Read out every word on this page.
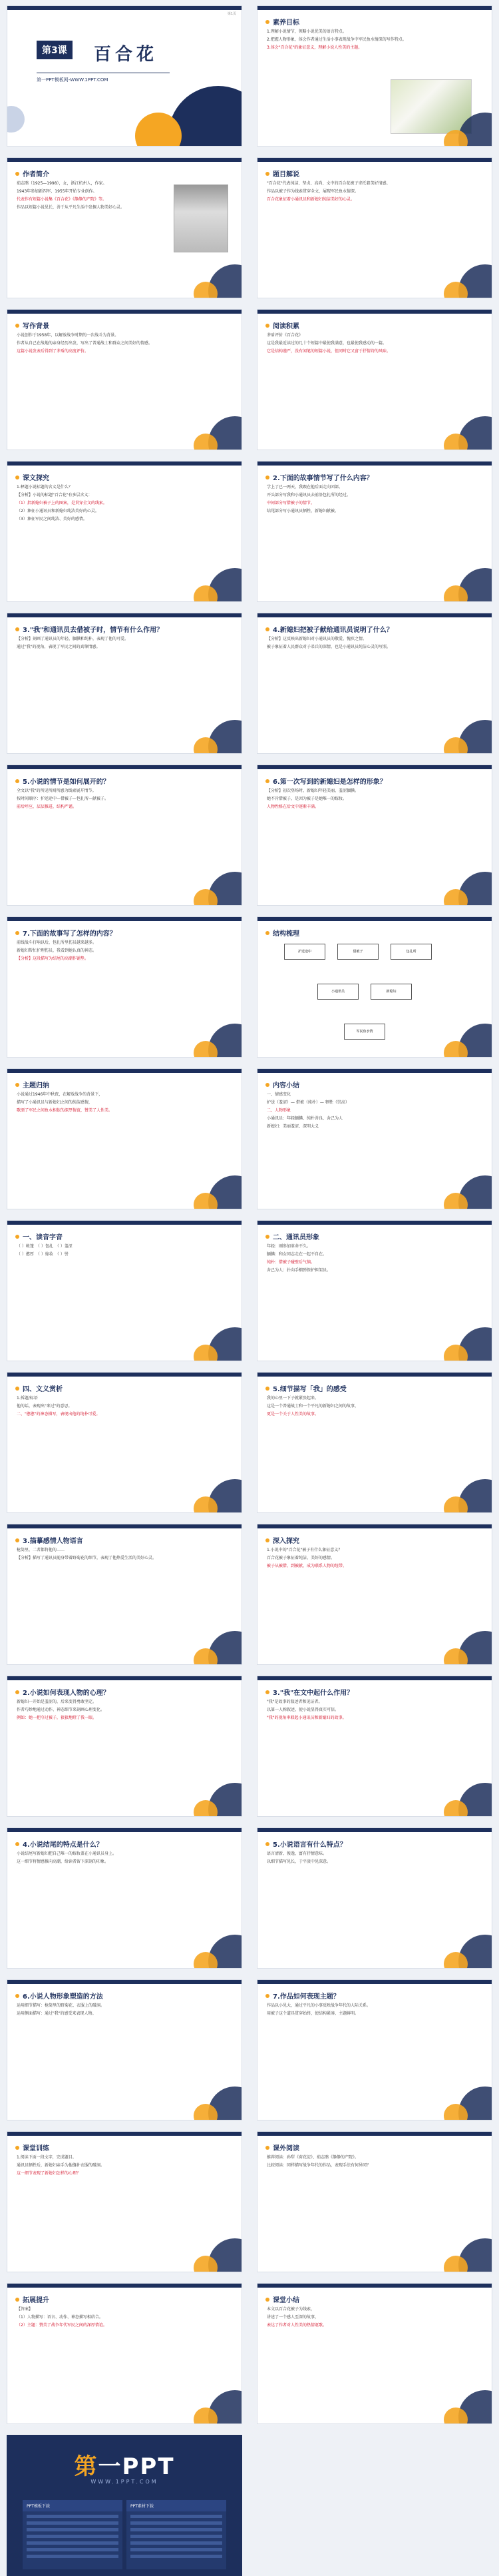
第1页
第3课	百合花
第一PPT模板网-WWW.1PPT.COM
素养目标

1.理解小说情节，领略小说优美的语言特点。

2.把握人物形象，体会作者通过生活小事表现战争中军民鱼水情深的写作特点。

3.体会"百合花"的象征意义，理解小说人性美的主题。

作者简介

茹志鹃（1925—1998），女，浙江杭州人，作家。

1943年参加新四军，1955年开始专业创作。

代表作有短篇小说集《百合花》《静静的产院》等。

作品以短篇小说见长，善于从平凡生活中发掘人物美好心灵。

题目解说

"百合花"代表纯洁、坚贞、高尚、文中的百合花被子寄托着美好情感。

作品以被子作为线索贯穿全文，展现军民鱼水情深。

百合花象征着小通讯员和新媳妇纯洁美好的心灵。

写作背景

小说创作于1958年，以解放战争时期的一次战斗为背景。

作者从自己在战地的亲身经历出发，写出了普通战士和群众之间美好的情感。

这篇小说发表后得到了茅盾的高度评价。

阅读积累

茅盾评价《百合花》

这是我最近读过的几十个短篇中最使我满意，也最使我感动的一篇。

它是结构谨严，没有闲笔的短篇小说，但同时它又富于抒情诗的风味。

课文探究

1.释题小说标题的含义是什么？

【分析】小说的标题"百合花"有多层含义：

（1）指新媳妇被子上的图案，是贯穿全文的线索。

（2）象征小通讯员和新媳妇纯洁美好的心灵。

（3）象征军民之间纯洁、美好的感情。

2.下面的故事情节写了什么内容？

学上了已一两天，我跟在他后面走向团部。

开头部分写我和小通讯员去前沿包扎所的经过。

中间部分写借被子的情节。

结尾部分写小通讯员牺牲，新媳妇献被。

3."我"和通讯员去借被子时，情节有什么作用？

【分析】刻画了通讯员的年轻、腼腆和纯朴，表现了他的可爱。

通过"我"的视角，表现了军民之间的真挚情感。

4.新媳妇把被子献给通讯员说明了什么？

【分析】这反映出新媳妇对小通讯员的敬爱、愧疚之情。

被子象征着人民群众对子弟兵的深情，也是小通讯员纯洁心灵的写照。

5.小说的情节是如何展开的？

全文以"我"的所见所闻所感为线索展开情节。

按时间顺序：护送途中—借被子—包扎所—献被子。

前后呼应，层层推进，结构严谨。

6.第一次写到的新媳妇是怎样的形象？

【分析】初次登场时，新媳妇年轻美丽，羞涩腼腆。

她不肯借被子，是因为被子是她唯一的嫁妆。

人物性格在后文中逐渐丰满。

7.下面的故事写了怎样的内容？

前线战斗打响以后，包扎所里伤员越来越多。

新媳妇帮忙护理伤员，我看到她认真的神态。

【分析】这段描写为结尾的高潮作铺垫。

结构梳理
护送途中	借被子	包扎所
小通讯员	新媳妇
军民鱼水情
主题归纳

小说通过1946年中秋夜，在解放战争的背景下，

描写了小通讯员与新媳妇之间的纯洁感情，

歌颂了军民之间鱼水相依的深厚情谊，赞美了人性美。

内容小结

一、情感变化

护送（羞涩）— 借被（纯朴）— 牺牲（崇高）

二、人物形象

小通讯员：年轻腼腆、纯朴善良、舍己为人

新媳妇：美丽羞涩、深明大义

一、读音字音

（ ）帐篷　（ ）包扎　（ ）羞涩

（ ）憨厚　（ ）嫁妆　（ ）髻

二、通讯员形象

年轻：刚参加革命不久。

腼腆：和女同志走在一起不自在。

纯朴：借被子碰壁后气恼。

舍己为人：扑向手榴弹保护担架员。

四、文义赏析

1.拆题/标语

他的话，表现出"来过"的意思。

二、"憨憨"的神态描写，表现出他的纯朴可爱。

5.细节描写「我」的感受

我的心里一下子就紧张起来。

这是一个普通战士和一个平凡的新媳妇之间的故事，

更是一个关于人性美的故事。

3.描摹感情人物语言

枪筒里，二者都将他的……

【分析】描写了通讯员随身带着野菊花的细节，表现了他热爱生活的美好心灵。

深入探究

1.小说中的"百合花"被子有什么象征意义？

百合花被子象征着纯洁、美好的感情。

被子从被借、到被献，成为联系人物的纽带。

2.小说如何表现人物的心理？

新媳妇一开始是羞涩的，后来变得勇敢坚定。

作者巧妙地通过动作、神态细节来刻画心理变化。

例如：她一把夺过被子，狠狠地瞪了我一眼。

3."我"在文中起什么作用？

"我"是故事的叙述者和见证者。

以第一人称叙述，使小说显得真实可信。

"我"的视角串联起小通讯员和新媳妇的故事。

4.小说结尾的特点是什么？

小说结尾写新媳妇把自己唯一的嫁妆盖在小通讯员身上。

这一细节将情感推向高潮，给读者留下深刻的印象。

5.小说语言有什么特点？

语言清新、俊逸，富有抒情意味。

以细节描写见长，于平淡中见深意。

6.小说人物形象塑造的方法

运用细节描写：枪筒里的野菊花、衣服上的破洞。

运用侧面描写：通过"我"的感受来表现人物。

7.作品如何表现主题？

作品以小见大，通过平凡的小事反映战争年代的人际关系。

用被子这个道具贯穿始终，使结构紧凑、主题鲜明。

课堂训练

1.阅读下面一段文字，完成题目。

通讯员牺牲后，新媳妇亲手为他缝补衣服的破洞。

这一细节表现了新媳妇怎样的心理？

课外阅读

推荐阅读：孙犁《荷花淀》、茹志鹃《静静的产院》。

比较阅读：同样描写战争年代的作品，表现手法有何异同？

拓展提升

【答案】

（1）人物描写：语言、动作、神态描写相结合。

（2）主题：赞美了战争年代军民之间的深厚情谊。

课堂小结

本文以百合花被子为线索，

讲述了一个感人至深的故事，

表达了作者对人性美的热情讴歌。

第一PPT
WWW.1PPT.COM
PPT模板下载	PPT素材下载
